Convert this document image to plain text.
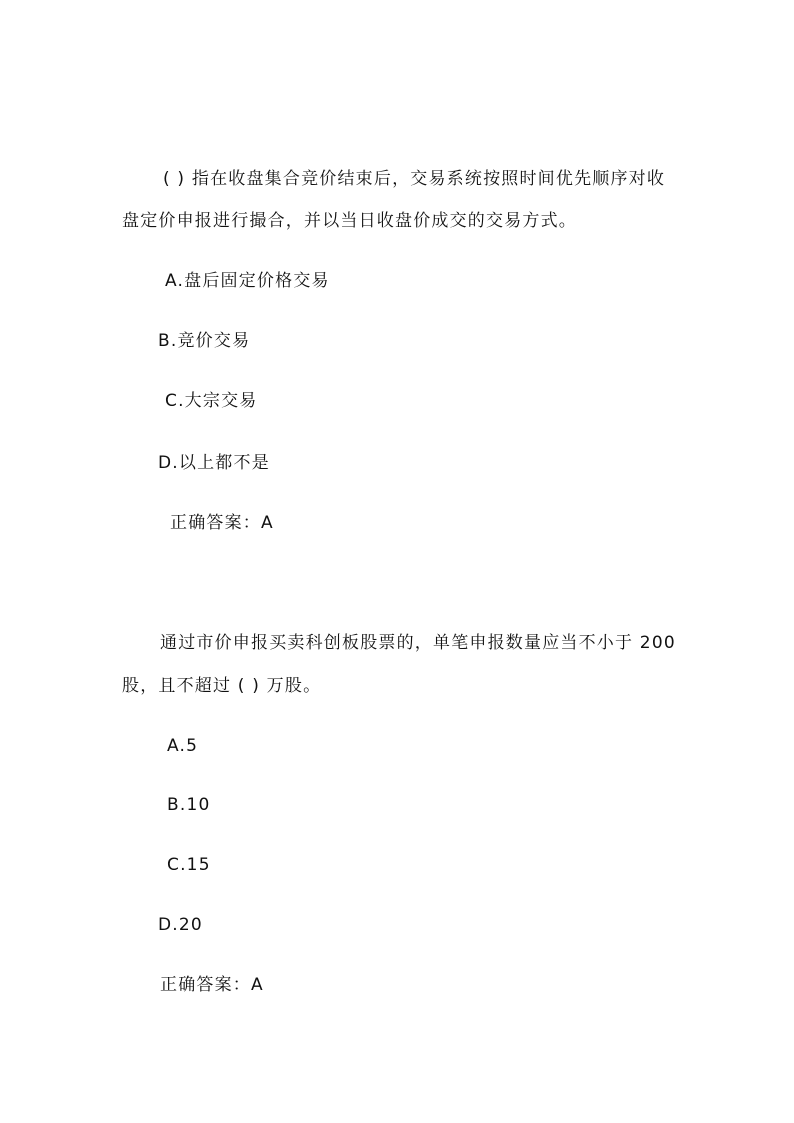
( ) 指在收盘集合竞价结束后，交易系统按照时间优先顺序对收
盘定价申报进行撮合，并以当日收盘价成交的交易方式。
A.盘后固定价格交易
B.竞价交易
C.大宗交易
D.以上都不是
正确答案：A
通过市价申报买卖科创板股票的，单笔申报数量应当不小于 200
股，且不超过 ( ) 万股。
A.5
B.10
C.15
D.20
正确答案：A
